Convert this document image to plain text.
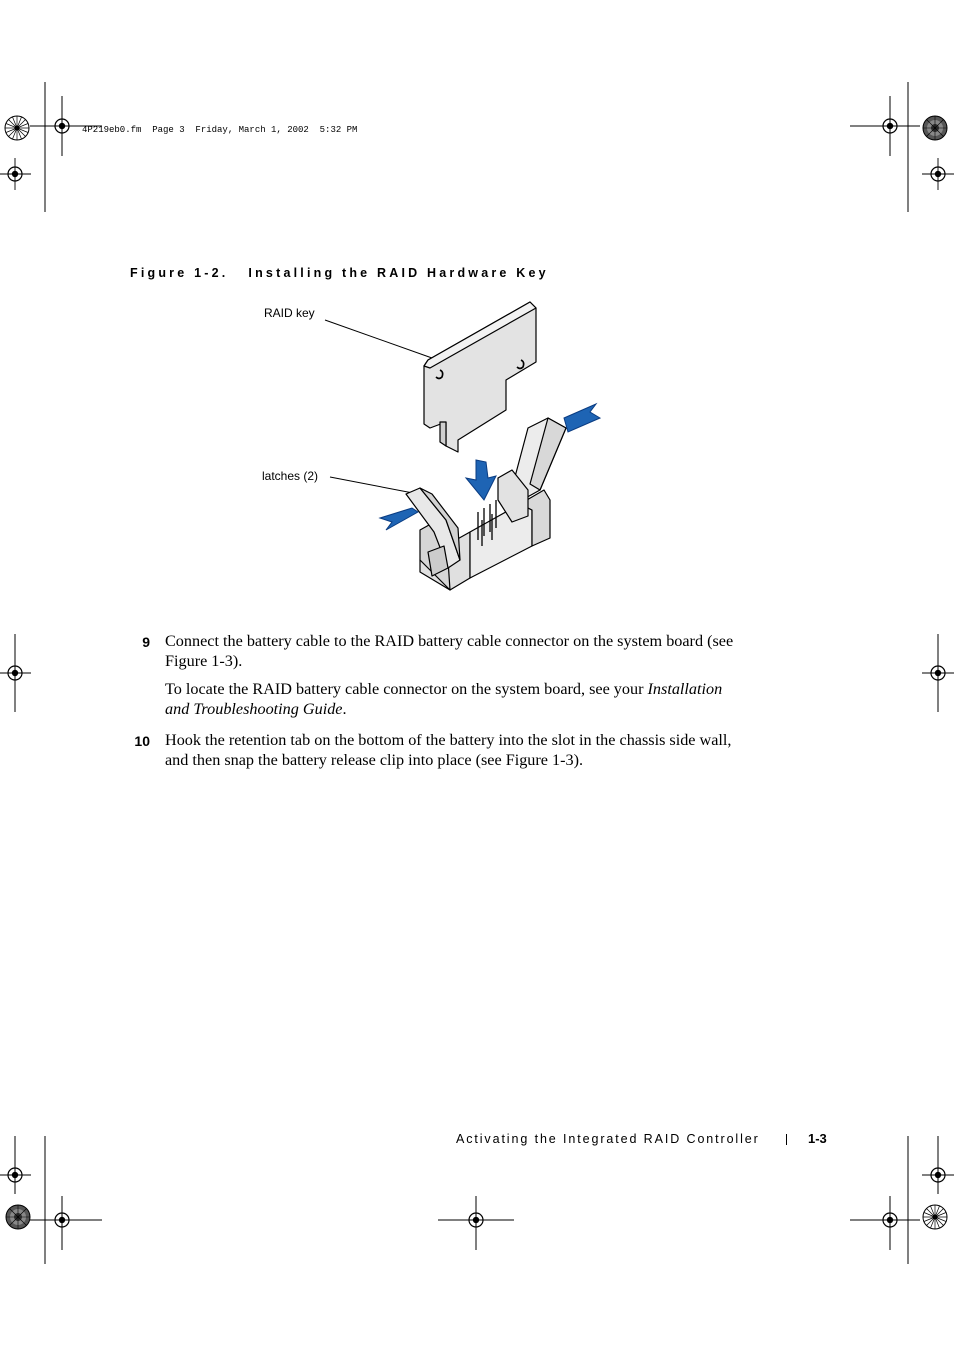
4P219eb0.fm  Page 3  Friday, March 1, 2002  5:32 PM
Figure 1-2.   Installing the RAID Hardware Key
RAID key
latches (2)
9 Connect the battery cable to the RAID battery cable connector on the system board (see Figure 1-3).
To locate the RAID battery cable connector on the system board, see your Installation and Troubleshooting Guide.
10 Hook the retention tab on the bottom of the battery into the slot in the chassis side wall, and then snap the battery release clip into place (see Figure 1-3).
Activating the Integrated RAID Controller	1-3
